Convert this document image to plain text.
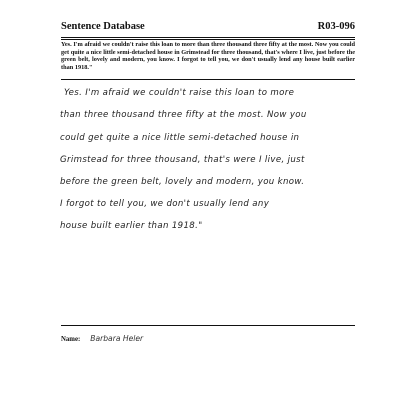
Sentence Database	R03-096
Yes. I'm afraid we couldn't raise this loan to more than three thousand three fifty at the most. Now you could get quite a nice little semi-detached house in Grimstead for three thousand, that's where I live, just before the green belt, lovely and modern, you know. I forgot to tell you, we don't usually lend any house built earlier than 1918."
Yes. I'm afraid we couldn't raise this loan to more
than three thousand three fifty at the most. Now you
could get quite a nice little semi-detached house in
Grimstead for three thousand, that's were I live, just
before the green belt, lovely and modern, you know.
I forgot to tell you, we don't usually lend any
house built earlier than 1918."
Name: Barbara Heler
